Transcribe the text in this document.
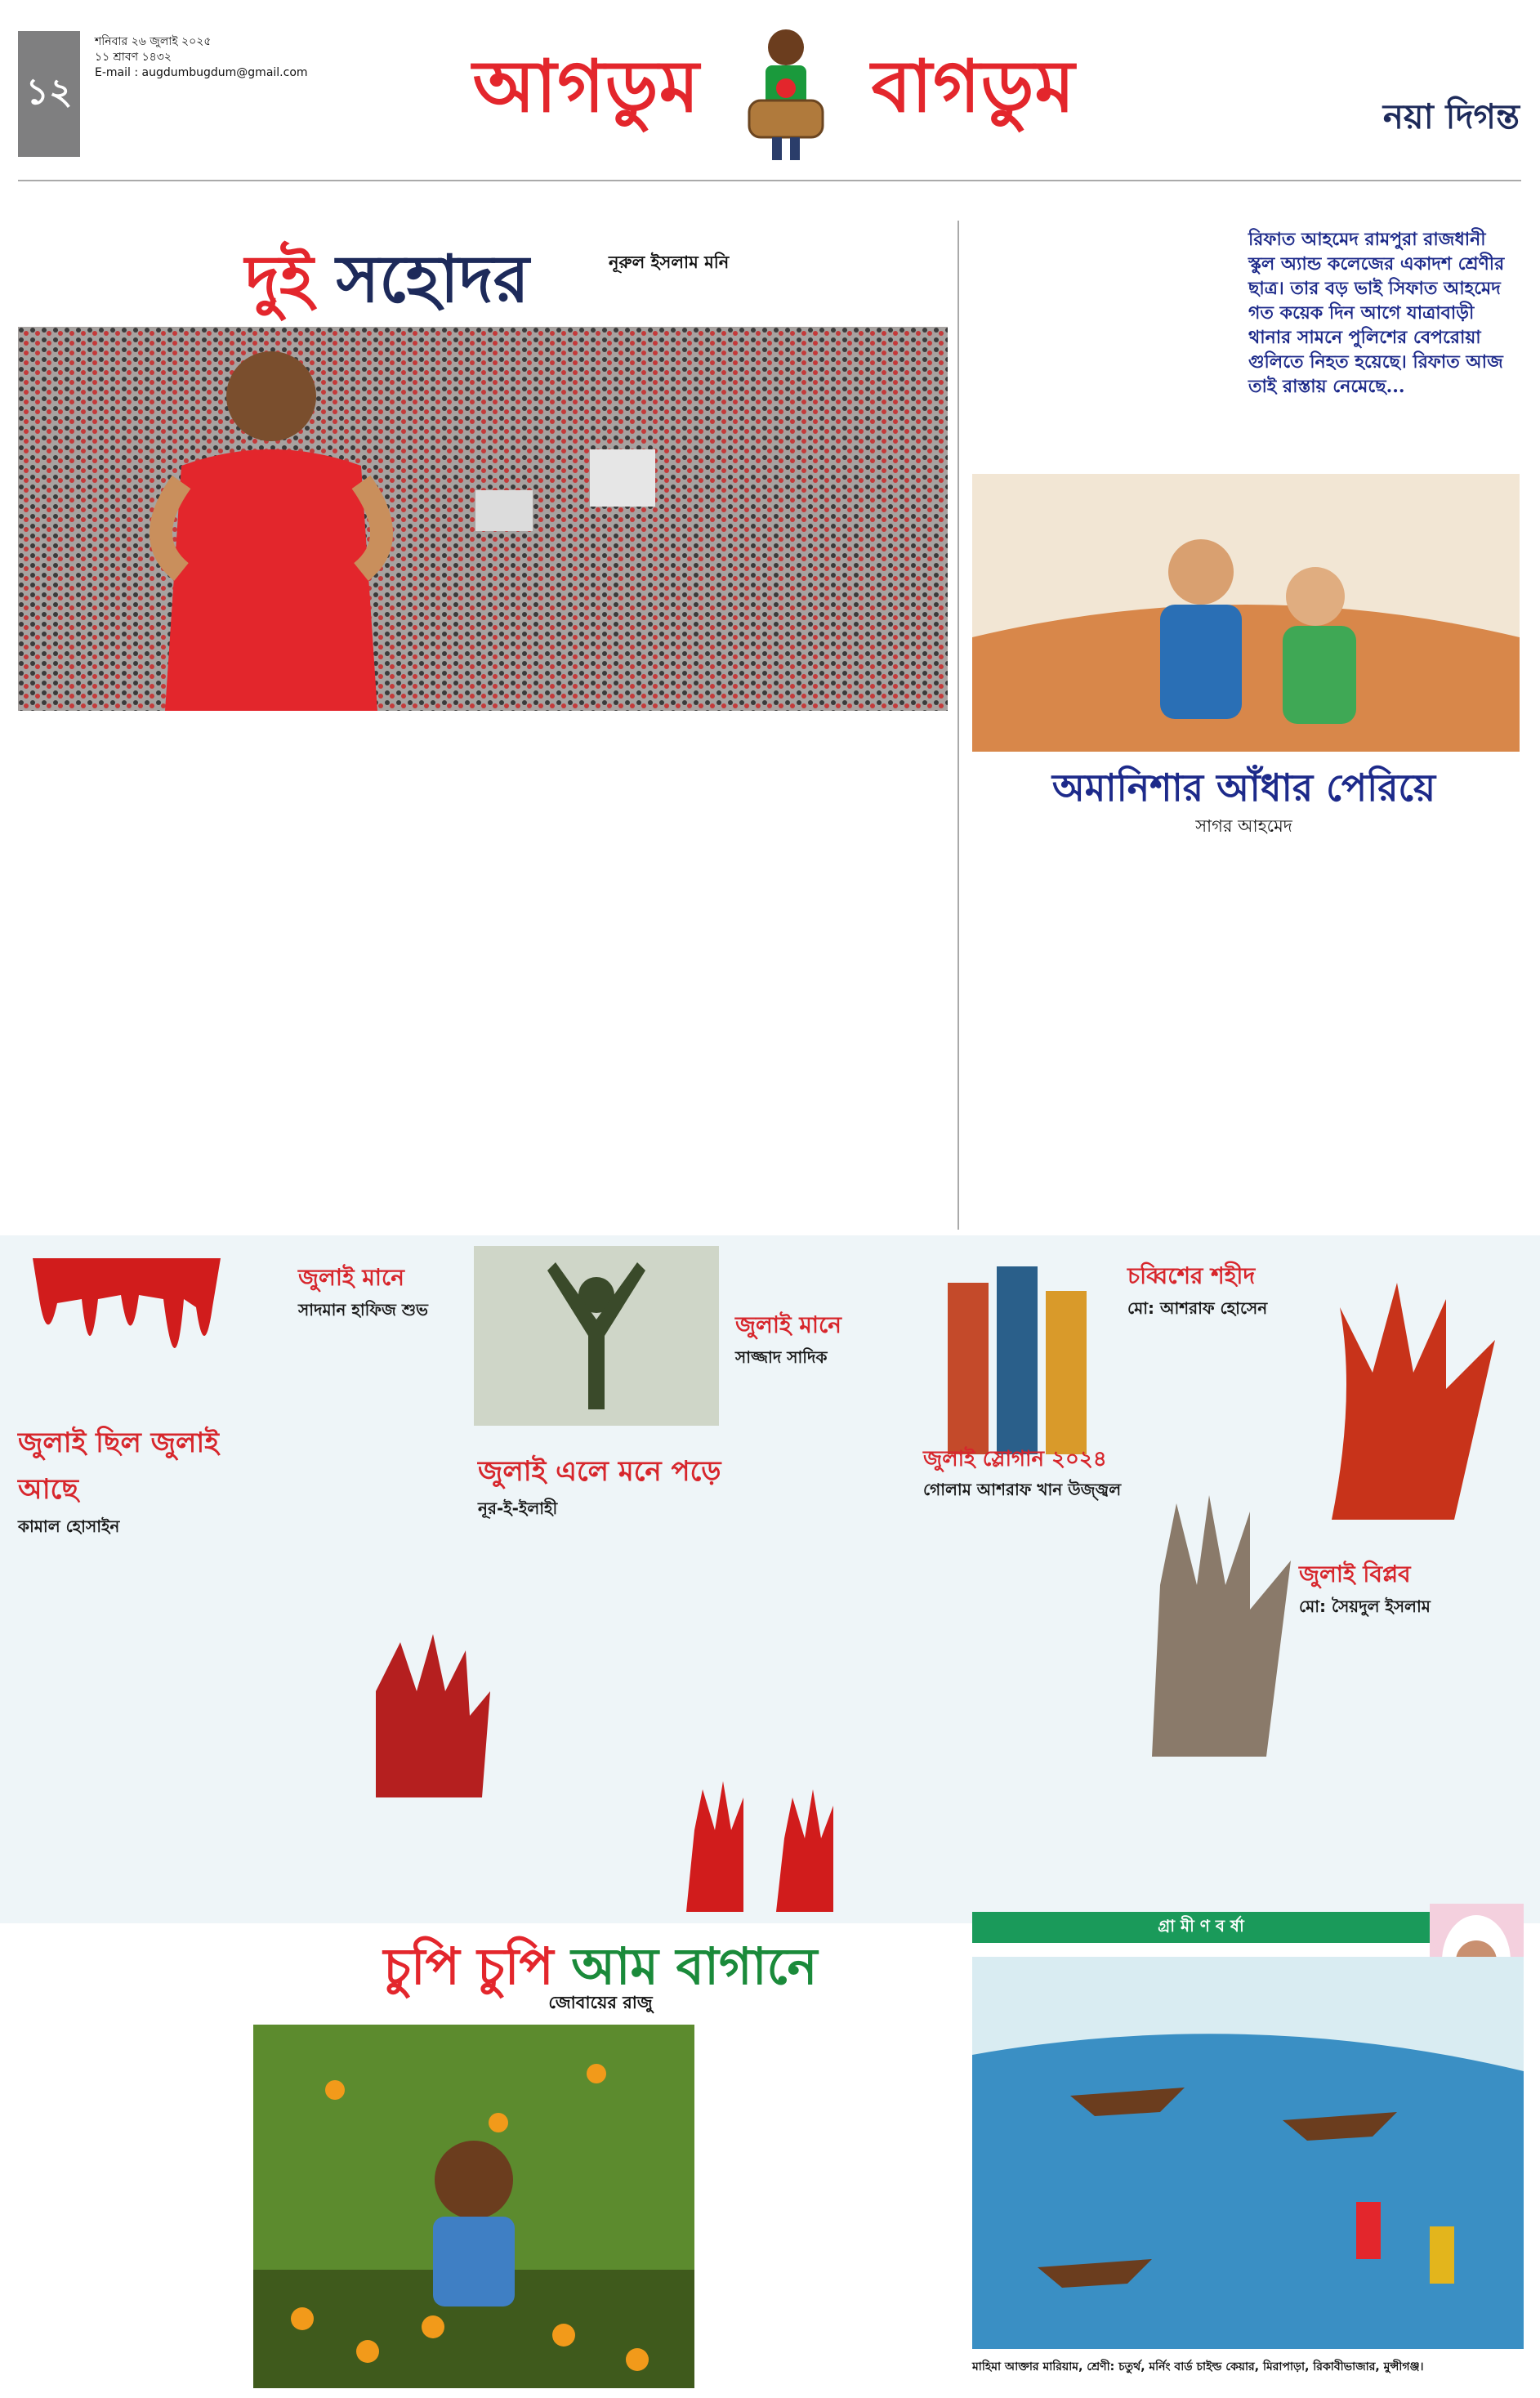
১২
শনিবার ২৬ জুলাই ২০২৫
১১ শ্রাবণ ১৪৩২
E-mail : augdumbugdum@gmail.com	আগডুম বাগডুম	নয়া দিগন্ত
দুই সহোদর	নূরুল ইসলাম মনি
রিফাত আহমেদ রামপুরা রাজধানী স্কুল অ্যান্ড কলেজের একাদশ শ্রেণীর ছাত্র। তার বড় ভাই সিফাত আহমেদ গত কয়েক দিন আগে যাত্রাবাড়ী থানার সামনে পুলিশের বেপরোয়া গুলিতে নিহত হয়েছে। রিফাত আজ তাই রাস্তায় নেমেছে...
অমানিশার আঁধার পেরিয়ে
সাগর আহমেদ
জুলাই মানে
সাদমান হাফিজ শুভ
জুলাই ছিল জুলাই আছে
কামাল হোসাইন
জুলাই এলে মনে পড়ে
নূর-ই-ইলাহী
জুলাই মানে
সাজ্জাদ সাদিক
জুলাই স্লোগান ২০২৪
গোলাম আশরাফ খান উজ্জ্বল
চব্বিশের শহীদ
মো: আশরাফ হোসেন
জুলাই বিপ্লব
মো: সৈয়দুল ইসলাম
চুপি চুপি আম বাগানে
জোবায়ের রাজু
গ্রা মী ণ ব র্ষা
মাহিমা আক্তার মারিয়াম, শ্রেণী: চতুর্থ, মর্নিং বার্ড চাইল্ড কেয়ার, মিরাপাড়া, রিকাবীভাজার, মুন্সীগঞ্জ।
